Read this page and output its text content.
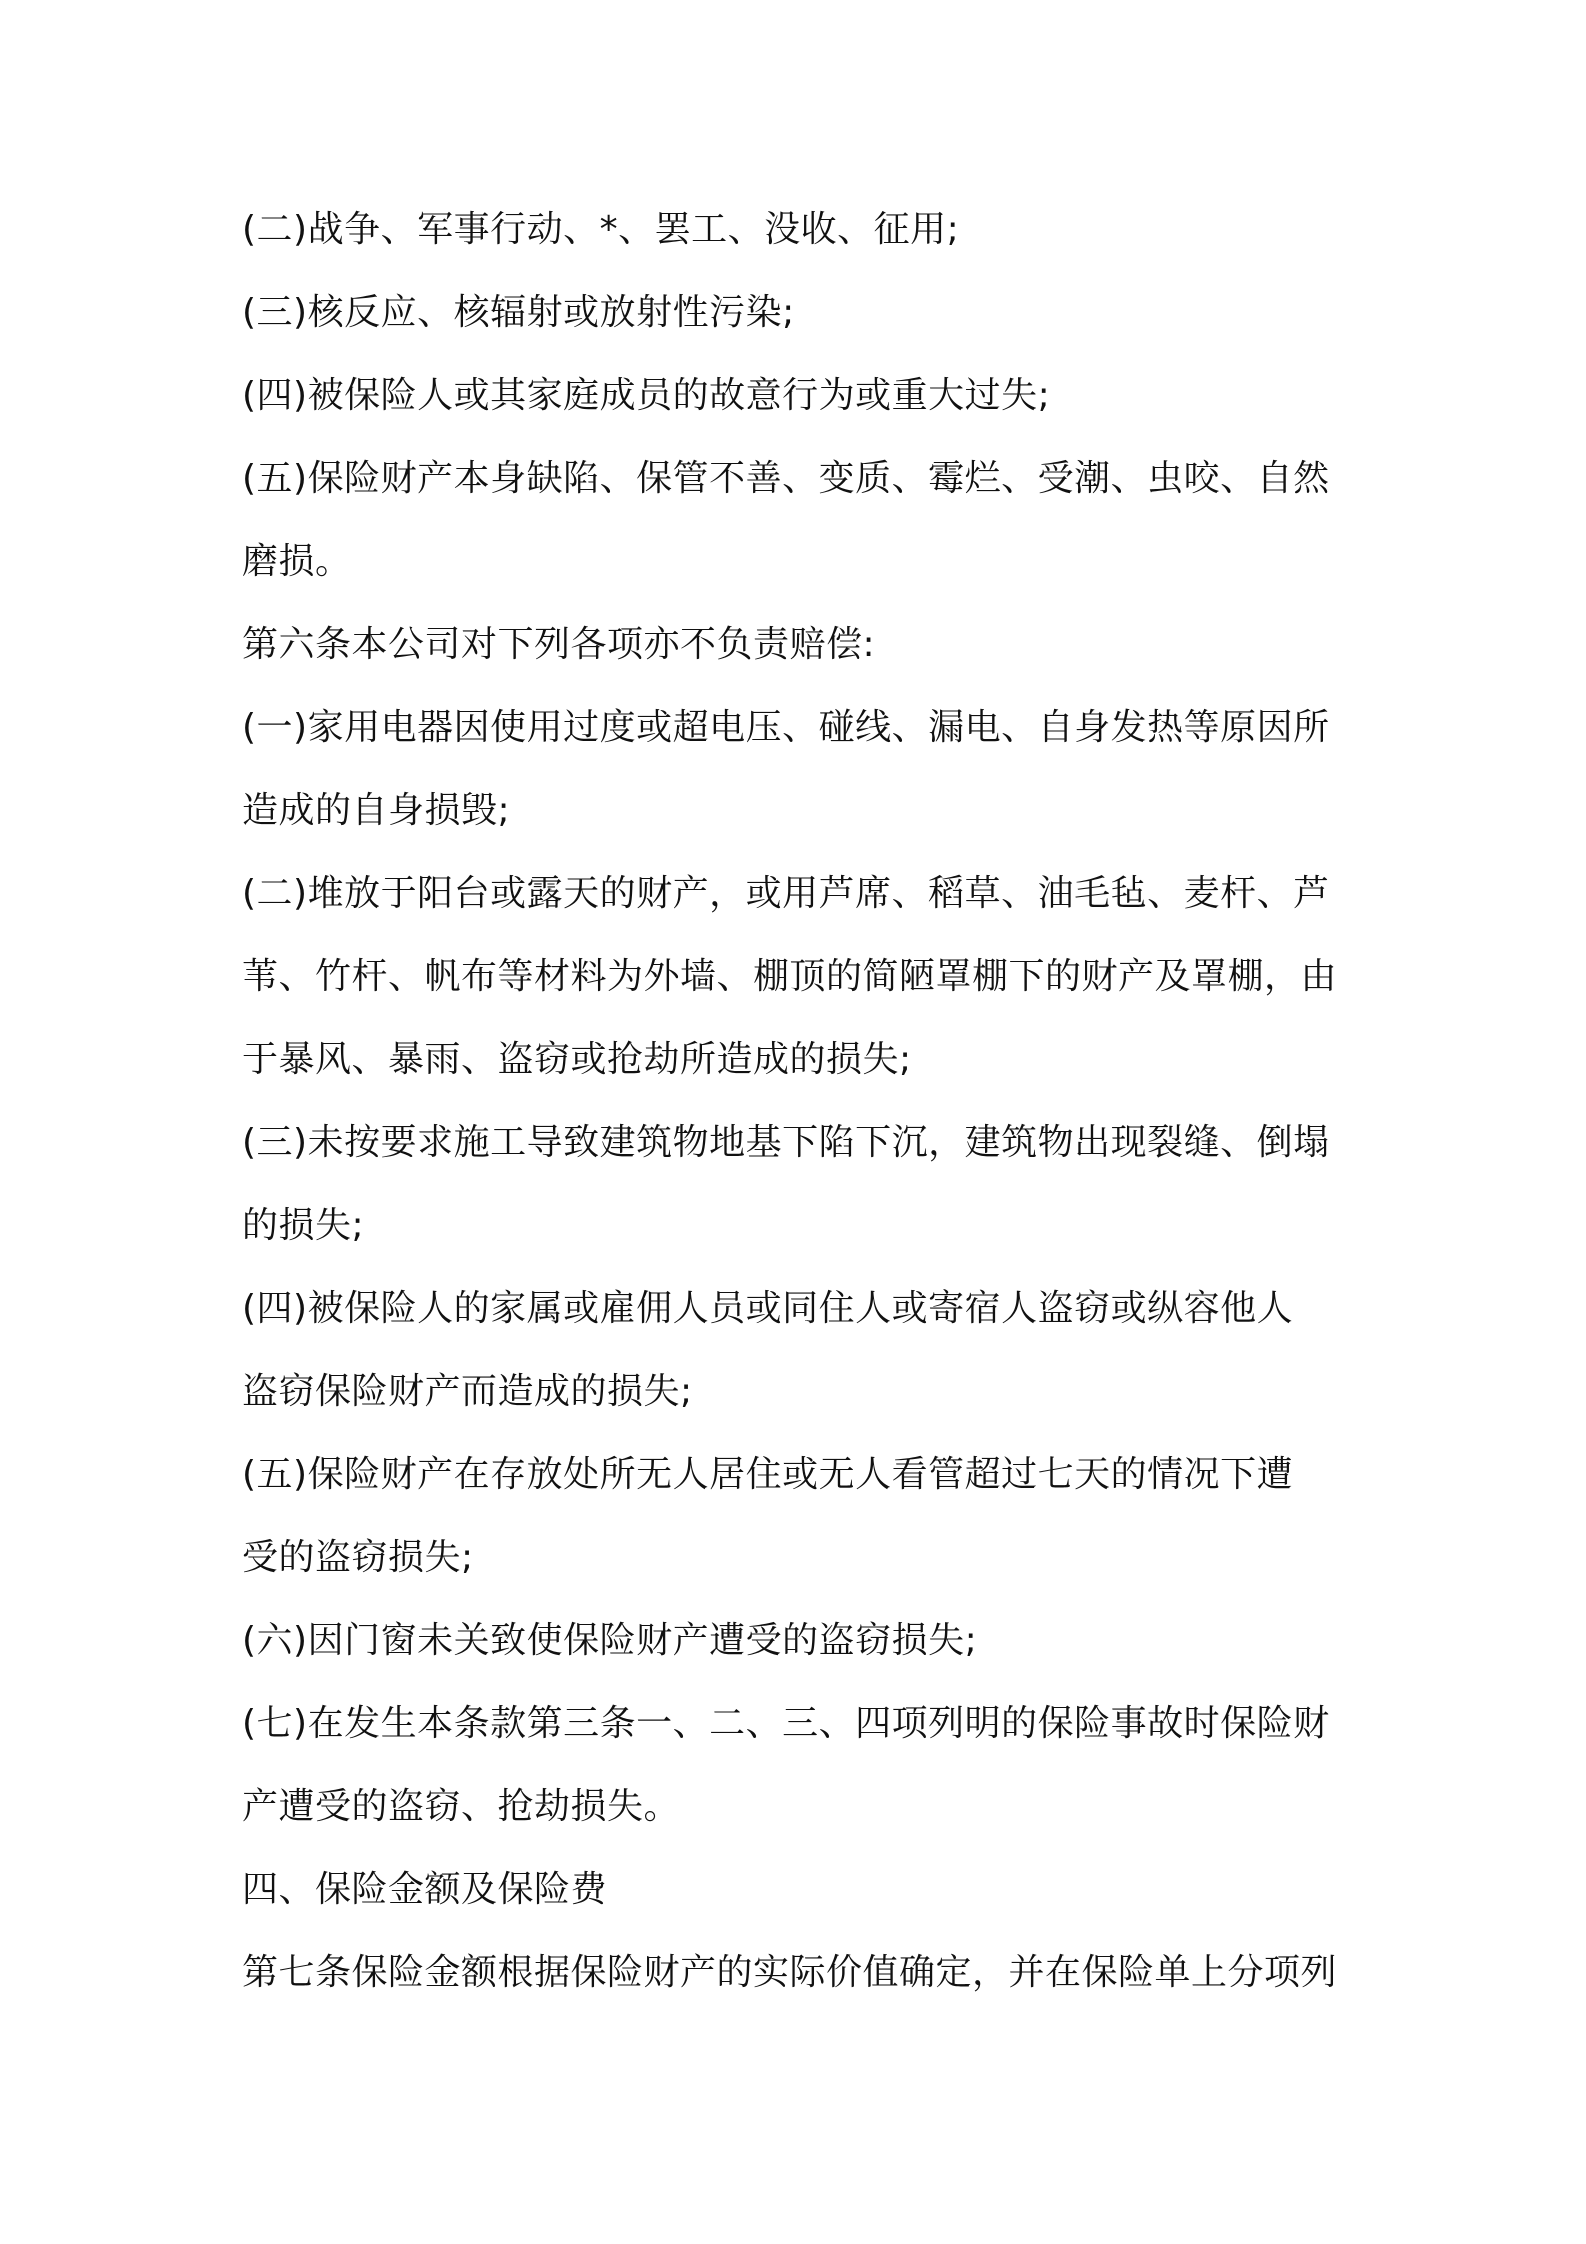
(二)战争、军事行动、*、罢工、没收、征用;
(三)核反应、核辐射或放射性污染;
(四)被保险人或其家庭成员的故意行为或重大过失;
(五)保险财产本身缺陷、保管不善、变质、霉烂、受潮、虫咬、自然
磨损。
第六条本公司对下列各项亦不负责赔偿:
(一)家用电器因使用过度或超电压、碰线、漏电、自身发热等原因所
造成的自身损毁;
(二)堆放于阳台或露天的财产，或用芦席、稻草、油毛毡、麦杆、芦
苇、竹杆、帆布等材料为外墙、棚顶的简陋罩棚下的财产及罩棚，由
于暴风、暴雨、盗窃或抢劫所造成的损失;
(三)未按要求施工导致建筑物地基下陷下沉，建筑物出现裂缝、倒塌
的损失;
(四)被保险人的家属或雇佣人员或同住人或寄宿人盗窃或纵容他人
盗窃保险财产而造成的损失;
(五)保险财产在存放处所无人居住或无人看管超过七天的情况下遭
受的盗窃损失;
(六)因门窗未关致使保险财产遭受的盗窃损失;
(七)在发生本条款第三条一、二、三、四项列明的保险事故时保险财
产遭受的盗窃、抢劫损失。
四、保险金额及保险费
第七条保险金额根据保险财产的实际价值确定，并在保险单上分项列
